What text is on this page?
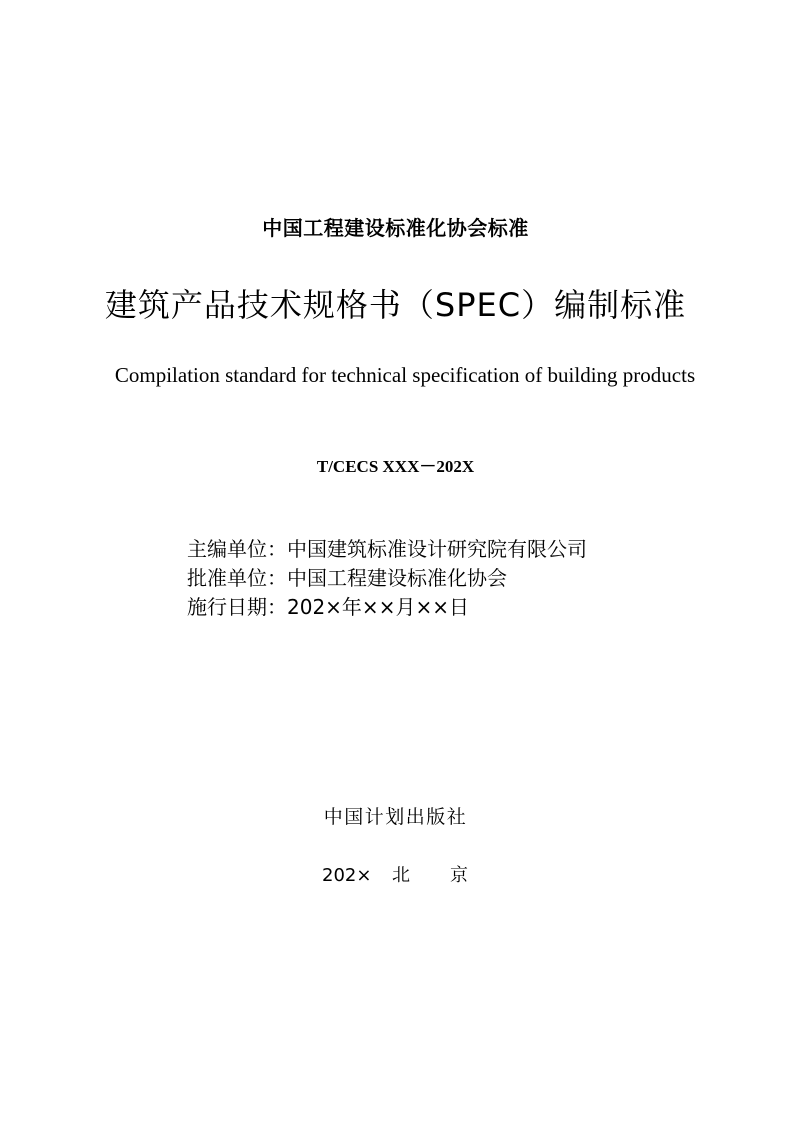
中国工程建设标准化协会标准
建筑产品技术规格书（SPEC）编制标准
Compilation standard for technical specification of building products
T/CECS XXX－202X
主编单位：中国建筑标准设计研究院有限公司
批准单位：中国工程建设标准化协会
施行日期：202×年××月××日
中国计划出版社
202× 北 京
